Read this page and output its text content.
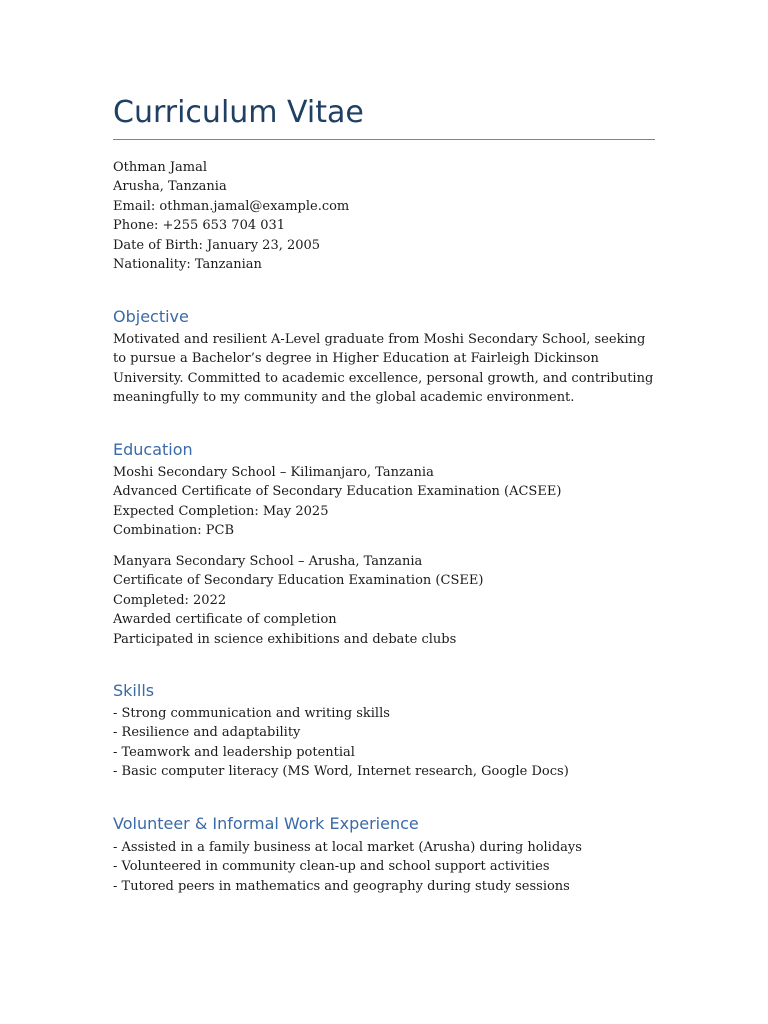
Curriculum Vitae
Othman Jamal
Arusha, Tanzania
Email: othman.jamal@example.com
Phone: +255 653 704 031
Date of Birth: January 23, 2005
Nationality: Tanzanian
Objective
Motivated and resilient A-Level graduate from Moshi Secondary School, seeking to pursue a Bachelor’s degree in Higher Education at Fairleigh Dickinson University. Committed to academic excellence, personal growth, and contributing meaningfully to my community and the global academic environment.
Education
Moshi Secondary School – Kilimanjaro, Tanzania
Advanced Certificate of Secondary Education Examination (ACSEE)
Expected Completion: May 2025
Combination: PCB
Manyara Secondary School – Arusha, Tanzania
Certificate of Secondary Education Examination (CSEE)
Completed: 2022
Awarded certificate of completion
Participated in science exhibitions and debate clubs
Skills
- Strong communication and writing skills
- Resilience and adaptability
- Teamwork and leadership potential
- Basic computer literacy (MS Word, Internet research, Google Docs)
Volunteer & Informal Work Experience
- Assisted in a family business at local market (Arusha) during holidays
- Volunteered in community clean-up and school support activities
- Tutored peers in mathematics and geography during study sessions
